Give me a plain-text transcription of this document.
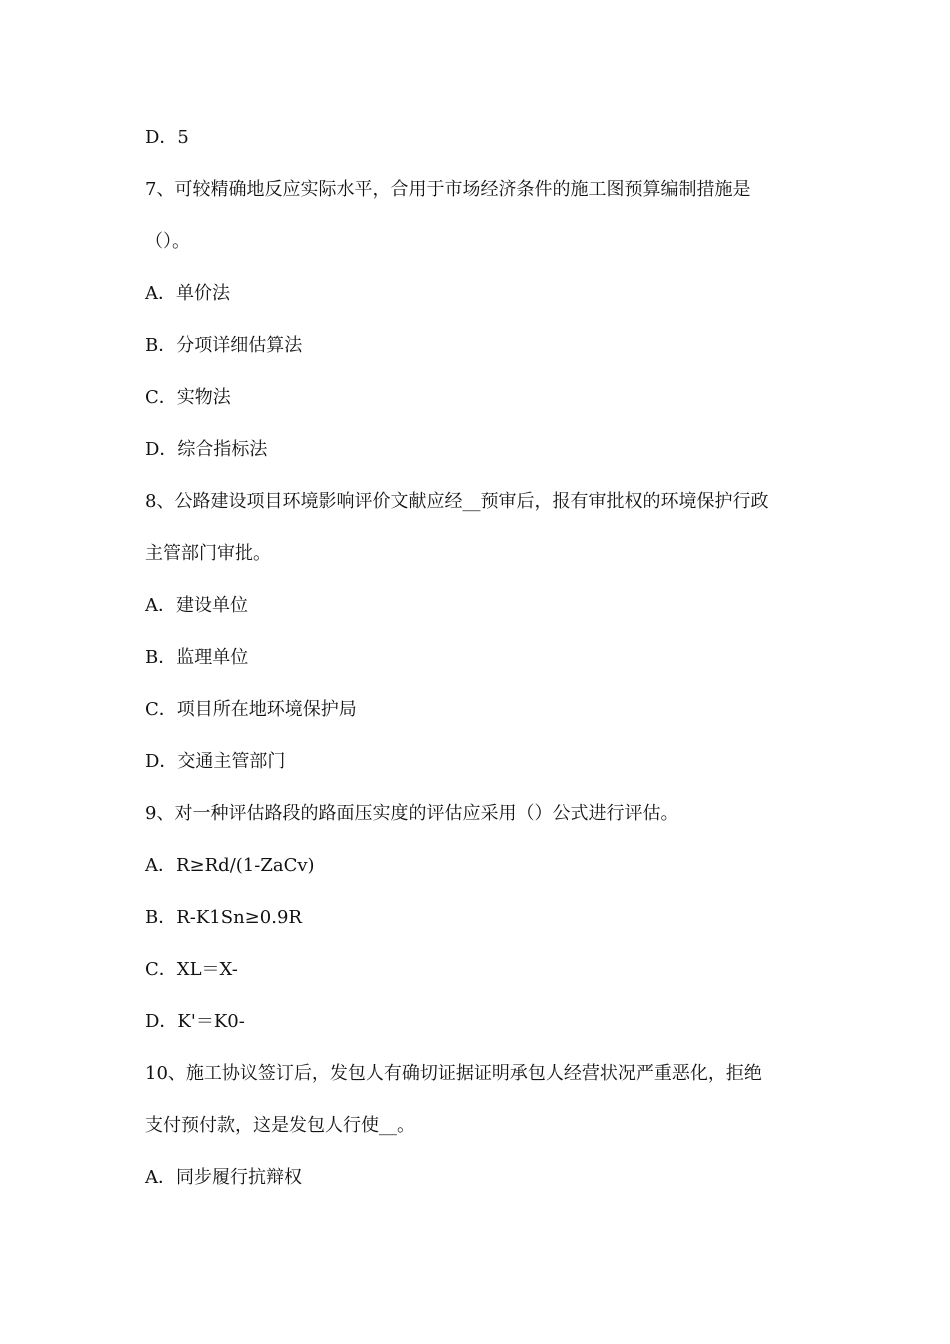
D．5
7、可较精确地反应实际水平，合用于市场经济条件的施工图预算编制措施是
（）。
A．单价法
B．分项详细估算法
C．实物法
D．综合指标法
8、公路建设项目环境影响评价文献应经__预审后，报有审批权的环境保护行政
主管部门审批。
A．建设单位
B．监理单位
C．项目所在地环境保护局
D．交通主管部门
9、对一种评估路段的路面压实度的评估应采用（）公式进行评估。
A．R≥Rd/(1-ZaCv)
B．R-K1Sn≥0.9R
C．XL＝X-
D．K'＝K0-
10、施工协议签订后，发包人有确切证据证明承包人经营状况严重恶化，拒绝
支付预付款，这是发包人行使__。
A．同步履行抗辩权
